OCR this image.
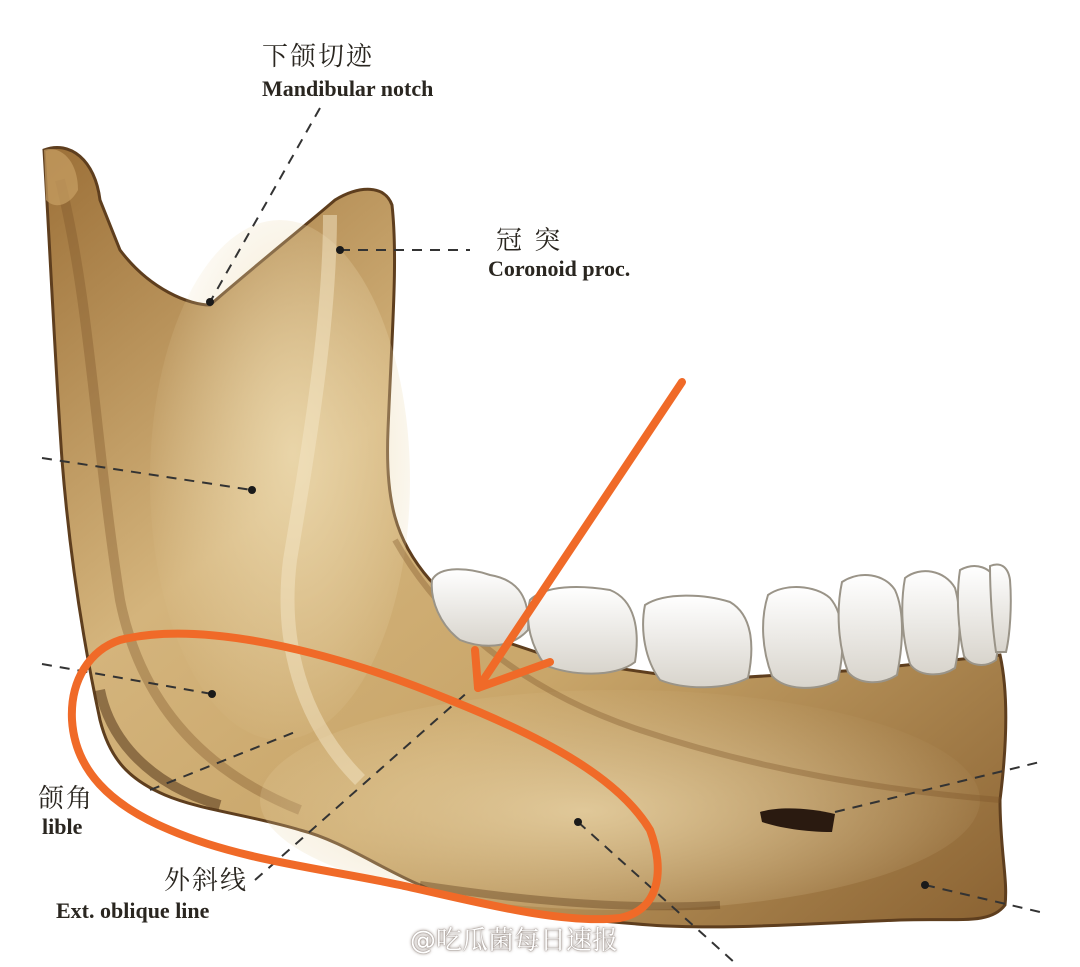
下颌切迹
Mandibular notch
冠 突
Coronoid proc.
颌角
lible
外斜线
Ext. oblique line
@吃瓜菌每日速报
